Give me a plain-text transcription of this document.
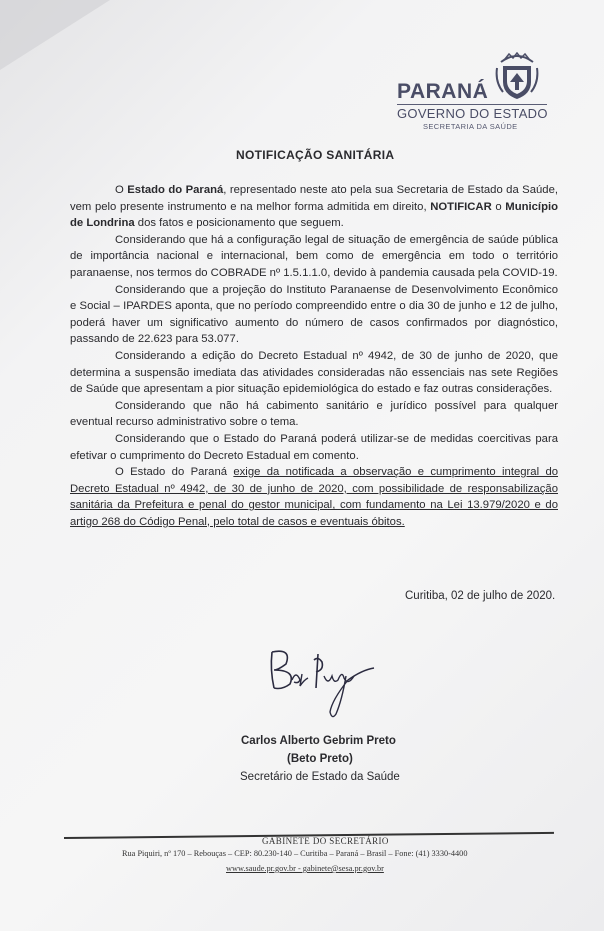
PARANÁ
GOVERNO DO ESTADO
SECRETARIA DA SAÚDE
NOTIFICAÇÃO SANITÁRIA

O Estado do Paraná, representado neste ato pela sua Secretaria de Estado da Saúde, vem pelo presente instrumento e na melhor forma admitida em direito, NOTIFICAR o Município de Londrina dos fatos e posicionamento que seguem.

Considerando que há a configuração legal de situação de emergência de saúde pública de importância nacional e internacional, bem como de emergência em todo o território paranaense, nos termos do COBRADE nº 1.5.1.1.0, devido à pandemia causada pela COVID-19.

Considerando que a projeção do Instituto Paranaense de Desenvolvimento Econômico e Social – IPARDES aponta, que no período compreendido entre o dia 30 de junho e 12 de julho, poderá haver um significativo aumento do número de casos confirmados por diagnóstico, passando de 22.623 para 53.077.

Considerando a edição do Decreto Estadual nº 4942, de 30 de junho de 2020, que determina a suspensão imediata das atividades consideradas não essenciais nas sete Regiões de Saúde que apresentam a pior situação epidemiológica do estado e faz outras considerações.

Considerando que não há cabimento sanitário e jurídico possível para qualquer eventual recurso administrativo sobre o tema.

Considerando que o Estado do Paraná poderá utilizar-se de medidas coercitivas para efetivar o cumprimento do Decreto Estadual em comento.

O Estado do Paraná exige da notificada a observação e cumprimento integral do Decreto Estadual nº 4942, de 30 de junho de 2020, com possibilidade de responsabilização sanitária da Prefeitura e penal do gestor municipal, com fundamento na Lei 13.979/2020 e do artigo 268 do Código Penal, pelo total de casos e eventuais óbitos.

Curitiba, 02 de julho de 2020.
Carlos Alberto Gebrim Preto
(Beto Preto)
Secretário de Estado da Saúde
GABINETE DO SECRETÁRIO
Rua Piquiri, nº 170 – Rebouças – CEP: 80.230-140 – Curitiba – Paraná – Brasil – Fone: (41) 3330-4400
www.saude.pr.gov.br - gabinete@sesa.pr.gov.br
